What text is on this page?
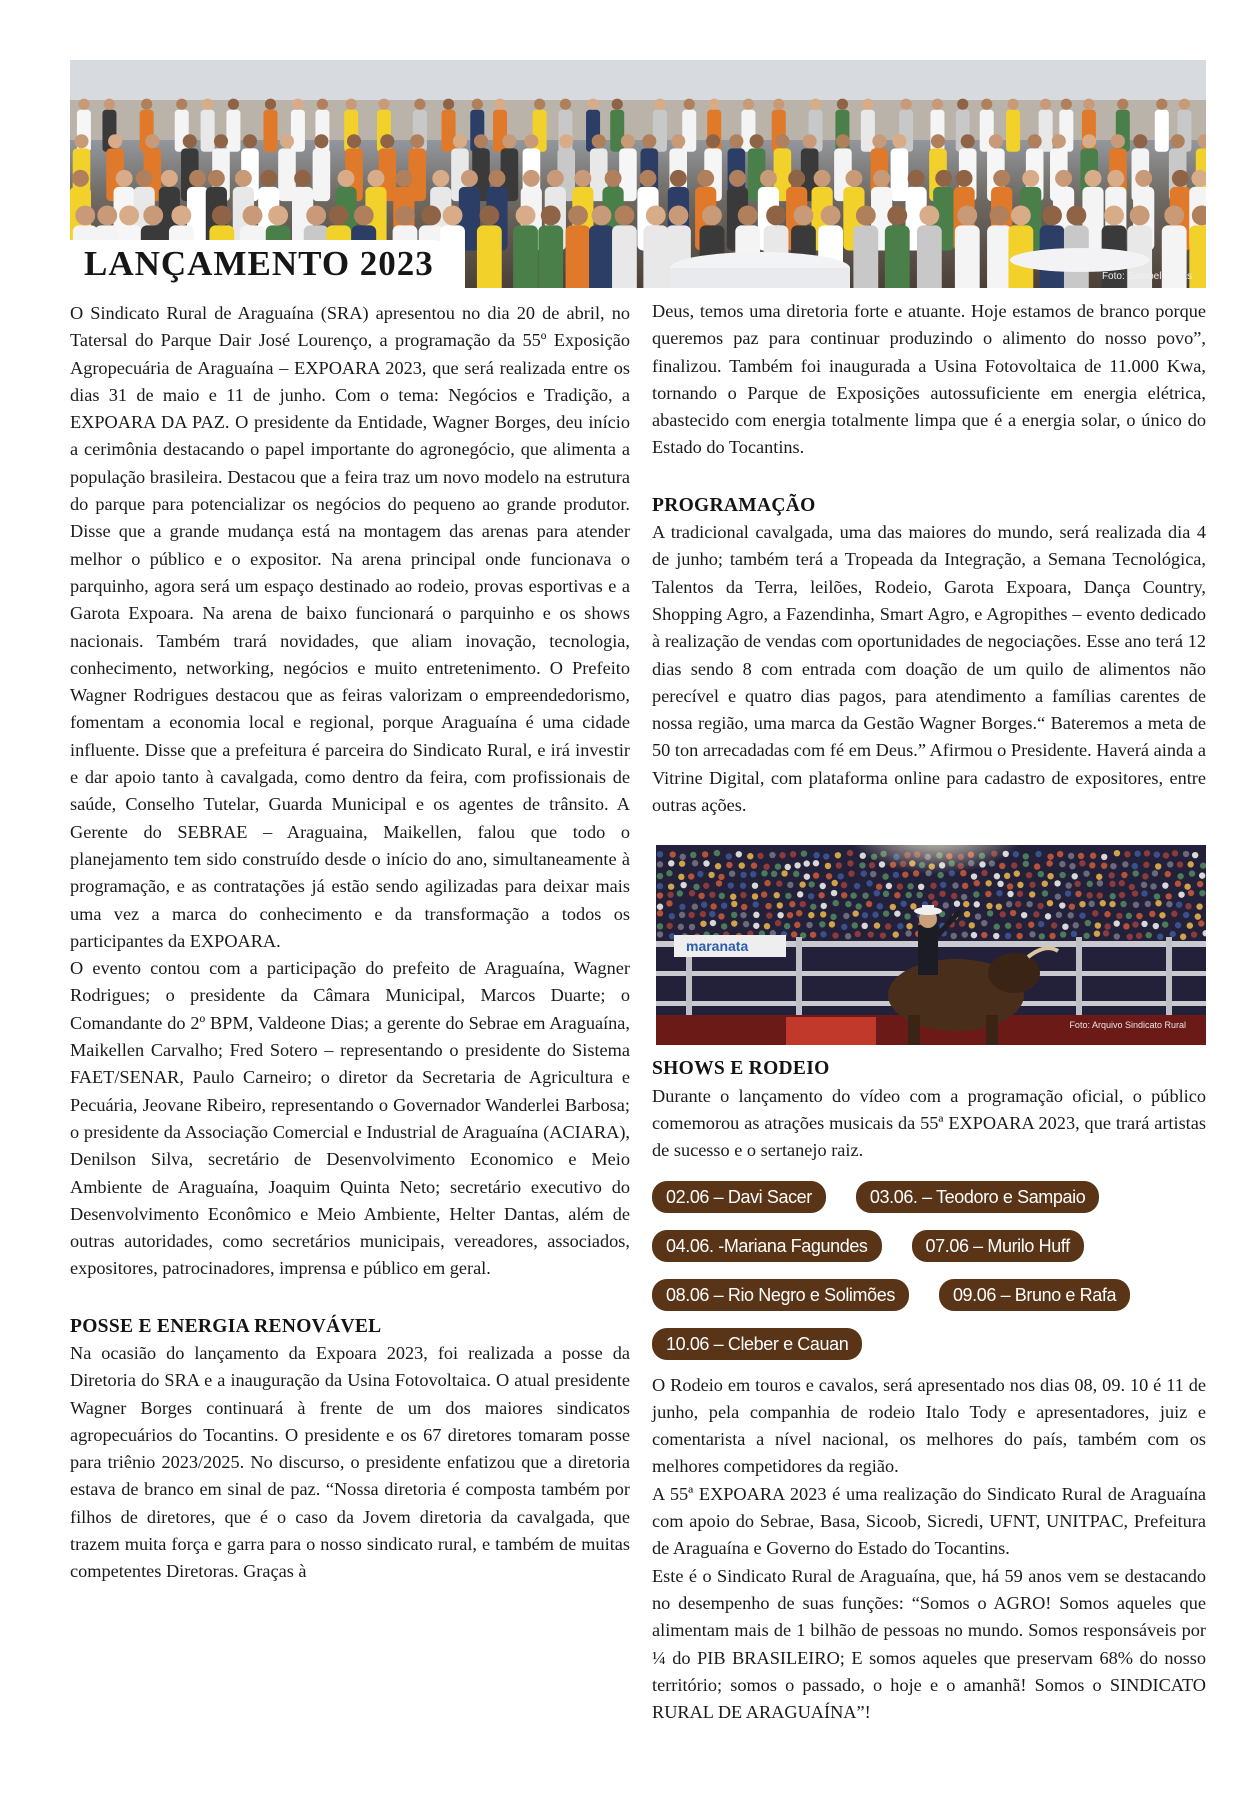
Foto: Samoel Farias
LANÇAMENTO 2023

O Sindicato Rural de Araguaína (SRA) apresentou no dia 20 de abril, no Tatersal do Parque Dair José Lourenço, a programação da 55º Exposição Agropecuária de Araguaína – EXPOARA 2023, que será realizada entre os dias 31 de maio e 11 de junho. Com o tema: Negócios e Tradição, a EXPOARA DA PAZ. O presidente da Entidade, Wagner Borges, deu início a cerimônia destacando o papel importante do agronegócio, que alimenta a população brasileira. Destacou que a feira traz um novo modelo na estrutura do parque para potencializar os negócios do pequeno ao grande produtor. Disse que a grande mudança está na montagem das arenas para atender melhor o público e o expositor. Na arena principal onde funcionava o parquinho, agora será um espaço destinado ao rodeio, provas esportivas e a Garota Expoara. Na arena de baixo funcionará o parquinho e os shows nacionais. Também trará novidades, que aliam inovação, tecnologia, conhecimento, networking, negócios e muito entretenimento. O Prefeito Wagner Rodrigues destacou que as feiras valorizam o empreendedorismo, fomentam a economia local e regional, porque Araguaína é uma cidade influente. Disse que a prefeitura é parceira do Sindicato Rural, e irá investir e dar apoio tanto à cavalgada, como dentro da feira, com profissionais de saúde, Conselho Tutelar, Guarda Municipal e os agentes de trânsito. A Gerente do SEBRAE – Araguaina, Maikellen, falou que todo o planejamento tem sido construído desde o início do ano, simultaneamente à programação, e as contratações já estão sendo agilizadas para deixar mais uma vez a marca do conhecimento e da transformação a todos os participantes da EXPOARA.

O evento contou com a participação do prefeito de Araguaína, Wagner Rodrigues; o presidente da Câmara Municipal, Marcos Duarte; o Comandante do 2º BPM, Valdeone Dias; a gerente do Sebrae em Araguaína, Maikellen Carvalho; Fred Sotero – representando o presidente do Sistema FAET/SENAR, Paulo Carneiro; o diretor da Secretaria de Agricultura e Pecuária, Jeovane Ribeiro, representando o Governador Wanderlei Barbosa; o presidente da Associação Comercial e Industrial de Araguaína (ACIARA), Denilson Silva, secretário de Desenvolvimento Economico e Meio Ambiente de Araguaína, Joaquim Quinta Neto; secretário executivo do Desenvolvimento Econômico e Meio Ambiente, Helter Dantas, além de outras autoridades, como secretários municipais, vereadores, associados, expositores, patrocinadores, imprensa e público em geral.

POSSE E ENERGIA RENOVÁVEL

Na ocasião do lançamento da Expoara 2023, foi realizada a posse da Diretoria do SRA e a inauguração da Usina Fotovoltaica. O atual presidente Wagner Borges continuará à frente de um dos maiores sindicatos agropecuários do Tocantins. O presidente e os 67 diretores tomaram posse para triênio 2023/2025. No discurso, o presidente enfatizou que a diretoria estava de branco em sinal de paz. “Nossa diretoria é composta também por filhos de diretores, que é o caso da Jovem diretoria da cavalgada, que trazem muita força e garra para o nosso sindicato rural, e também de muitas competentes Diretoras. Graças à

Deus, temos uma diretoria forte e atuante. Hoje estamos de branco porque queremos paz para continuar produzindo o alimento do nosso povo”, finalizou. Também foi inaugurada a Usina Fotovoltaica de 11.000 Kwa, tornando o Parque de Exposições autossuficiente em energia elétrica, abastecido com energia totalmente limpa que é a energia solar, o único do Estado do Tocantins.

PROGRAMAÇÃO

A tradicional cavalgada, uma das maiores do mundo, será realizada dia 4 de junho; também terá a Tropeada da Integração, a Semana Tecnológica, Talentos da Terra, leilões, Rodeio, Garota Expoara, Dança Country, Shopping Agro, a Fazendinha, Smart Agro, e Agropithes – evento dedicado à realização de vendas com oportunidades de negociações. Esse ano terá 12 dias sendo 8 com entrada com doação de um quilo de alimentos não perecível e quatro dias pagos, para atendimento a famílias carentes de nossa região, uma marca da Gestão Wagner Borges.“ Bateremos a meta de 50 ton arrecadadas com fé em Deus.” Afirmou o Presidente. Haverá ainda a Vitrine Digital, com plataforma online para cadastro de expositores, entre outras ações.

maranata
Foto: Arquivo Sindicato Rural
SHOWS E RODEIO

Durante o lançamento do vídeo com a programação oficial, o público comemorou as atrações musicais da 55ª EXPOARA 2023, que trará artistas de sucesso e o sertanejo raiz.

02.06 – Davi Sacer	03.06. – Teodoro e Sampaio
04.06. -Mariana Fagundes	07.06 – Murilo Huff
08.06 – Rio Negro e Solimões	09.06 – Bruno e Rafa
10.06 – Cleber e Cauan

O Rodeio em touros e cavalos, será apresentado nos dias 08, 09. 10 é 11 de junho, pela companhia de rodeio Italo Tody e apresentadores, juiz e comentarista a nível nacional, os melhores do país, também com os melhores competidores da região.

A 55ª EXPOARA 2023 é uma realização do Sindicato Rural de Araguaína com apoio do Sebrae, Basa, Sicoob, Sicredi, UFNT, UNITPAC, Prefeitura de Araguaína e Governo do Estado do Tocantins.

Este é o Sindicato Rural de Araguaína, que, há 59 anos vem se destacando no desempenho de suas funções: “Somos o AGRO! Somos aqueles que alimentam mais de 1 bilhão de pessoas no mundo. Somos responsáveis por ¼ do PIB BRASILEIRO; E somos aqueles que preservam 68% do nosso território; somos o passado, o hoje e o amanhã! Somos o SINDICATO RURAL DE ARAGUAÍNA”!
